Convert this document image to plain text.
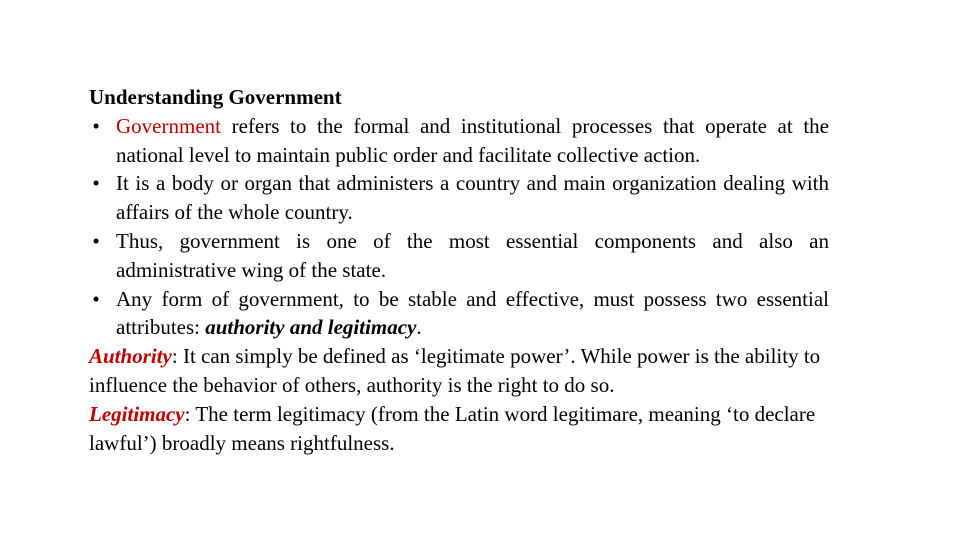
Understanding Government
• Government refers to the formal and institutional processes that operate at the national level to maintain public order and facilitate collective action.
• It is a body or organ that administers a country and main organization dealing with affairs of the whole country.
• Thus, government is one of the most essential components and also an administrative wing of the state.
• Any form of government, to be stable and effective, must possess two essential attributes: authority and legitimacy.
Authority: It can simply be defined as ‘legitimate power’. While power is the ability to influence the behavior of others, authority is the right to do so.
Legitimacy: The term legitimacy (from the Latin word legitimare, meaning ‘to declare lawful’) broadly means rightfulness.
